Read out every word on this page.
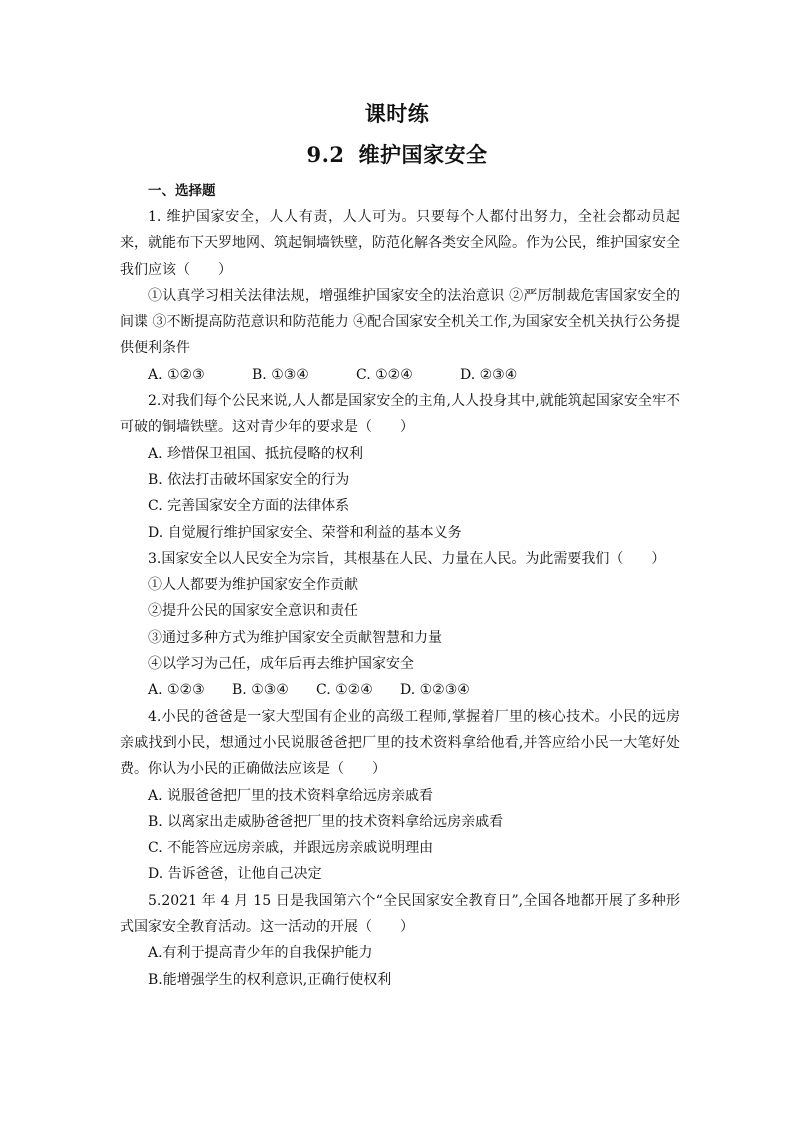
课时练
9.2 维护国家安全
一、选择题

1. 维护国家安全，人人有责，人人可为。只要每个人都付出努力，全社会都动员起来，就能布下天罗地网、筑起铜墙铁壁，防范化解各类安全风险。作为公民，维护国家安全我们应该（　　）

①认真学习相关法律法规，增强维护国家安全的法治意识 ②严厉制裁危害国家安全的间谍 ③不断提高防范意识和防范能力 ④配合国家安全机关工作,为国家安全机关执行公务提供便利条件

A. ①②③	B. ①③④	C. ①②④	D. ②③④

2.对我们每个公民来说,人人都是国家安全的主角,人人投身其中,就能筑起国家安全牢不可破的铜墙铁壁。这对青少年的要求是（　　）

A. 珍惜保卫祖国、抵抗侵略的权利
B. 依法打击破坏国家安全的行为
C. 完善国家安全方面的法律体系
D. 自觉履行维护国家安全、荣誉和利益的基本义务

3.国家安全以人民安全为宗旨，其根基在人民、力量在人民。为此需要我们（　　）

①人人都要为维护国家安全作贡献
②提升公民的国家安全意识和责任
③通过多种方式为维护国家安全贡献智慧和力量
④以学习为己任，成年后再去维护国家安全
A. ①②③ B. ①③④ C. ①②④ D. ①②③④

4.小民的爸爸是一家大型国有企业的高级工程师,掌握着厂里的核心技术。小民的远房亲戚找到小民，想通过小民说服爸爸把厂里的技术资料拿给他看,并答应给小民一大笔好处费。你认为小民的正确做法应该是（　　）

A. 说服爸爸把厂里的技术资料拿给远房亲戚看
B. 以离家出走威胁爸爸把厂里的技术资料拿给远房亲戚看
C. 不能答应远房亲戚，并跟远房亲戚说明理由
D. 告诉爸爸，让他自己决定

5.2021 年 4 月 15 日是我国第六个“全民国家安全教育日”,全国各地都开展了多种形式国家安全教育活动。这一活动的开展（　　）

A.有利于提高青少年的自我保护能力
B.能增强学生的权利意识,正确行使权利
